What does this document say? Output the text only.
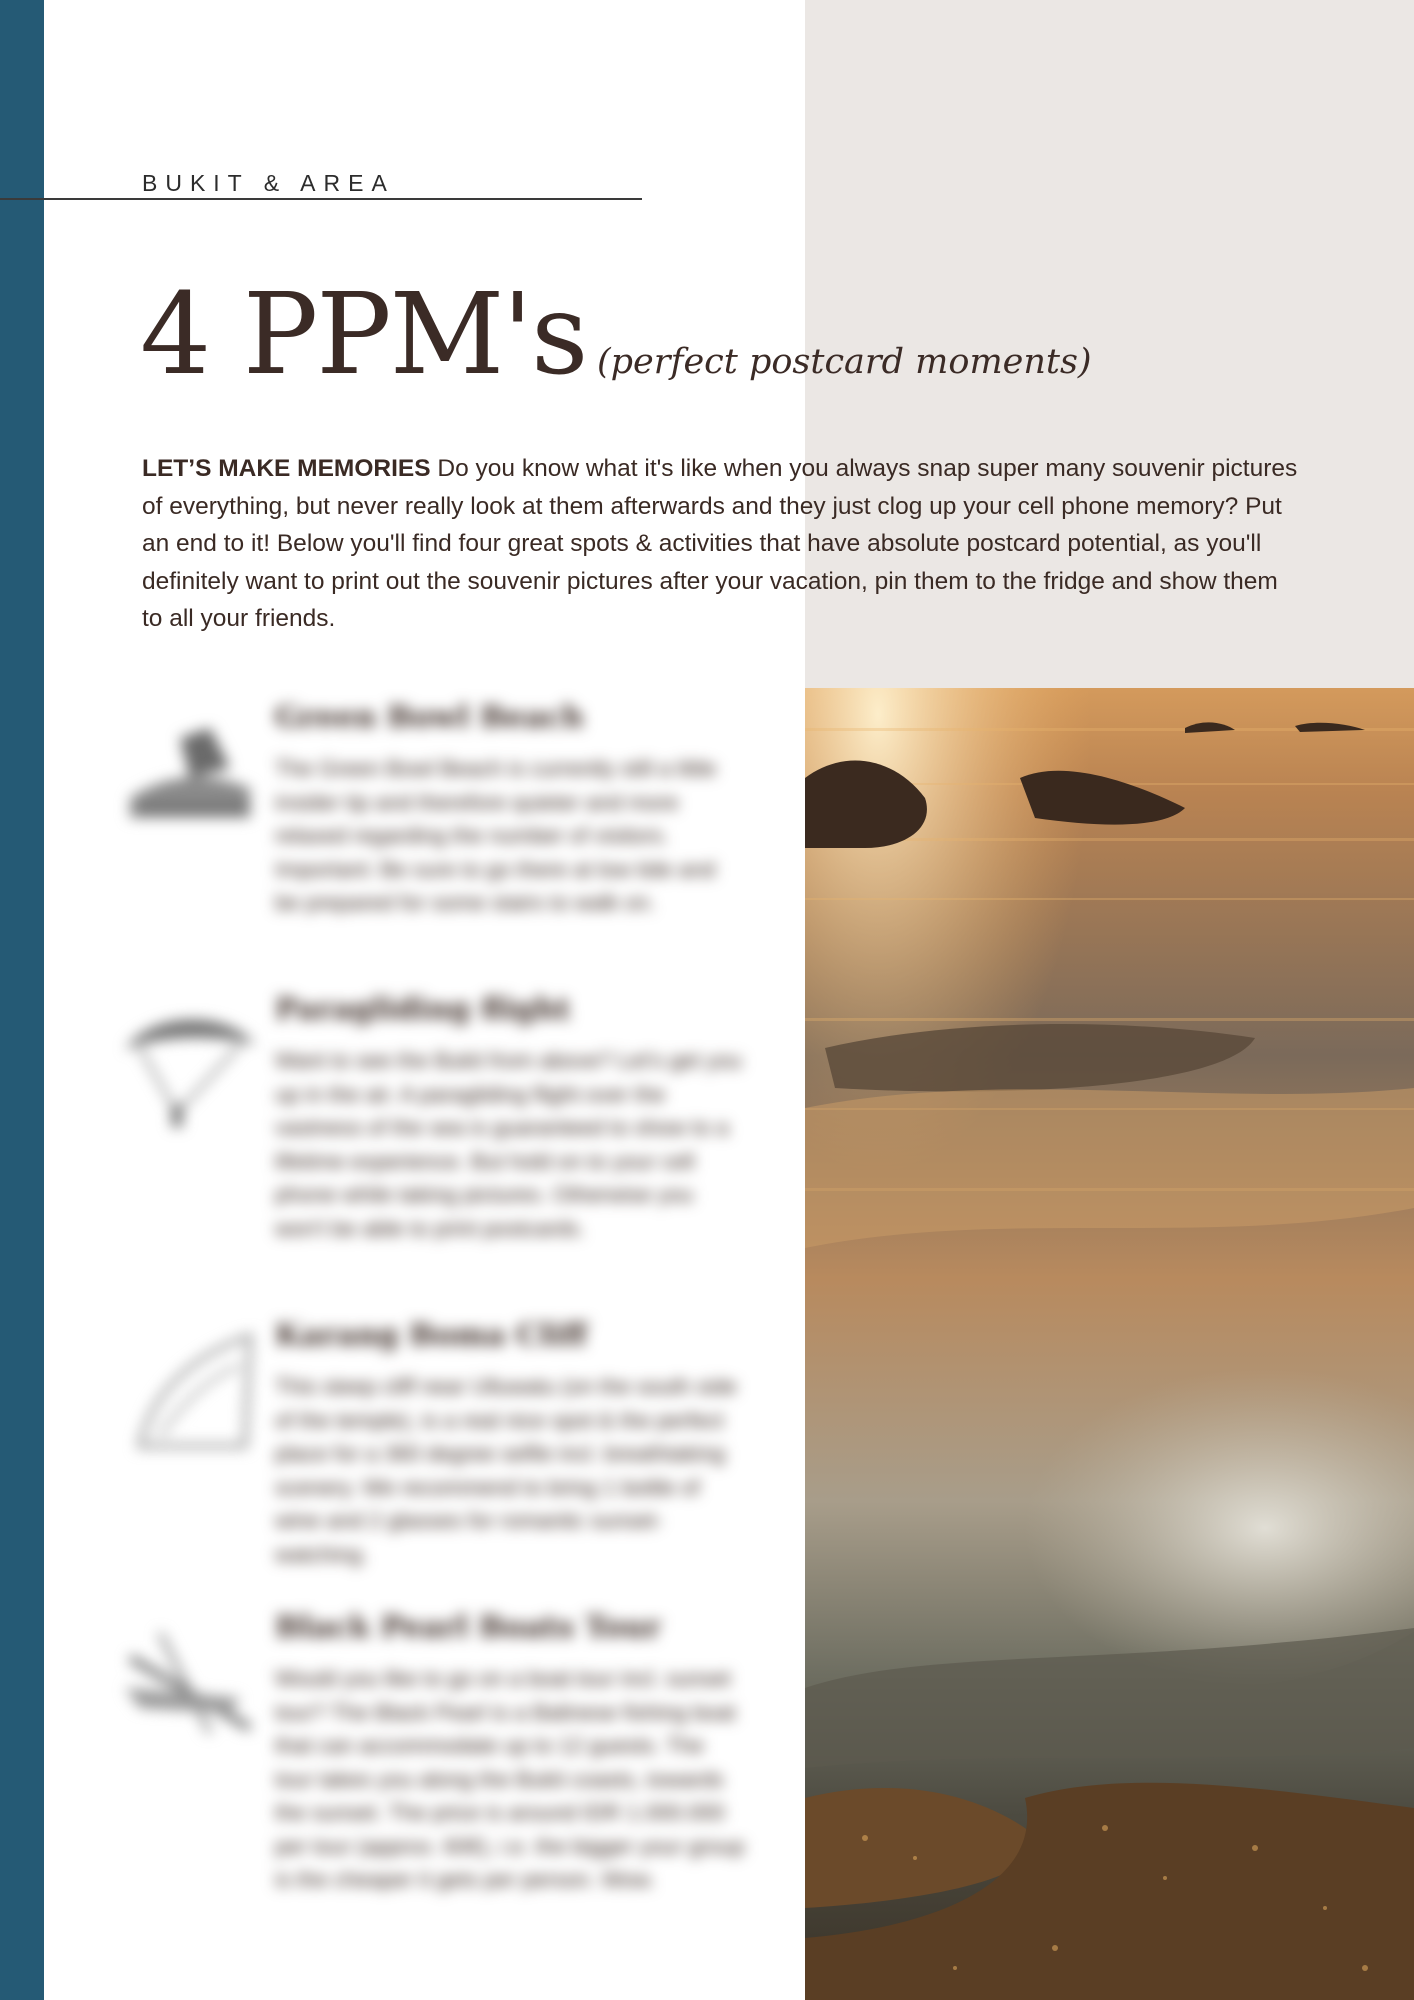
BUKIT & AREA
4 PPM's (perfect postcard moments)

LET’S MAKE MEMORIES Do you know what it's like when you always snap super many souvenir pictures of everything, but never really look at them afterwards and they just clog up your cell phone memory? Put an end to it! Below you'll find four great spots & activities that have absolute postcard potential, as you'll definitely want to print out the souvenir pictures after your vacation, pin them to the fridge and show them to all your friends.

Green Bowl Beach
The Green Bowl Beach is currently still a little insider tip and therefore quieter and more relaxed regarding the number of visitors. Important: Be sure to go there at low tide and be prepared for some stairs to walk on.
Paragliding flight
Want to see the Bukit from above? Let's get you up in the air. A paragliding flight over the vastness of the sea is guaranteed to show to a lifetime experience. But hold on to your cell phone while taking pictures. Otherwise you won't be able to print postcards.
Karang Boma Cliff
This steep cliff near Ulluwatu (on the south side of the temple), is a real nice spot & the perfect place for a 360 degree selfie incl. breathtaking scenery. We recommend to bring 1 bottle of wine and 2 glasses for romantic sunset-watching.
Black Pearl Boats Tour
Would you like to go on a boat tour incl. sunset tour? The Black Pearl is a Balinese fishing boat that can accommodate up to 12 guests. The tour takes you along the Bukit coasts, towards the sunset. The price is around IDR 1.000.000 per tour (approx. 60€), i.e. the bigger your group is the cheaper it gets per person. Wow.
